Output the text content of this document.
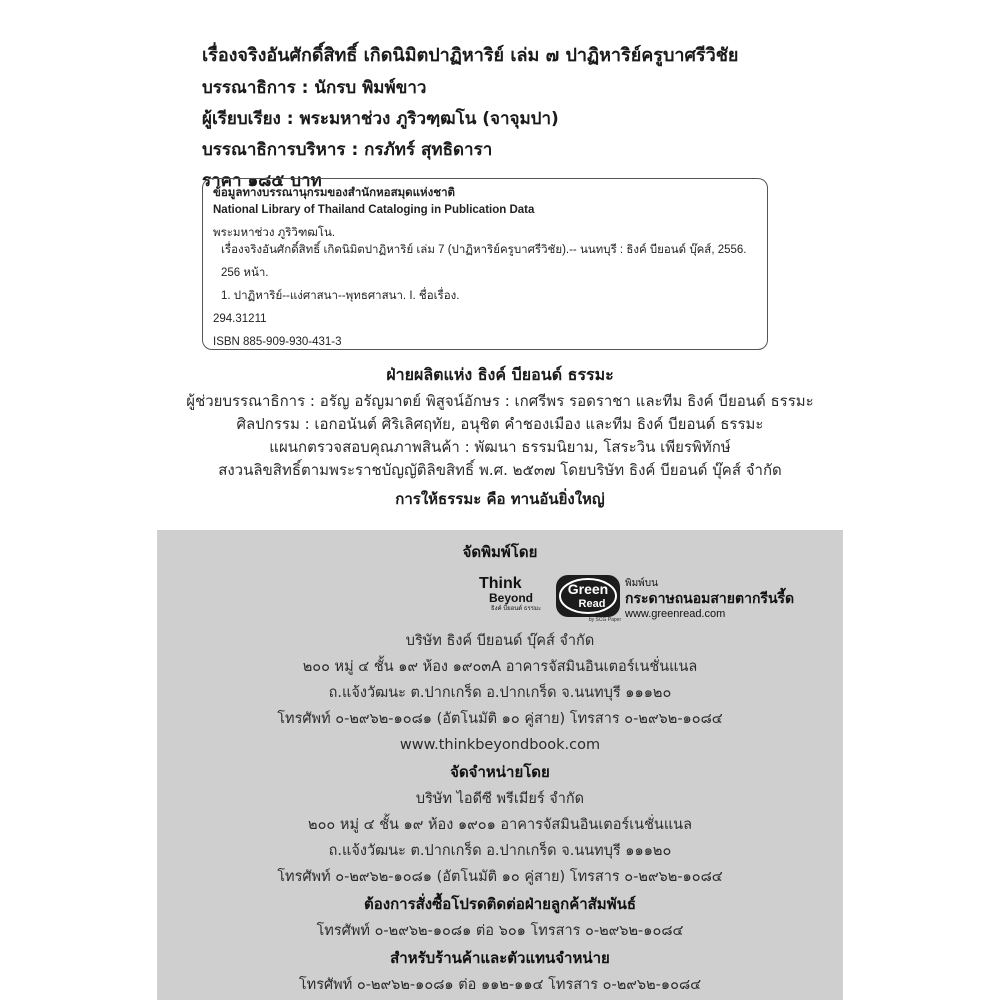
เรื่องจริงอันศักดิ์สิทธิ์ เกิดนิมิตปาฏิหาริย์ เล่ม ๗ ปาฏิหาริย์ครูบาศรีวิชัย
บรรณาธิการ : นักรบ พิมพ์ขาว
ผู้เรียบเรียง : พระมหาช่วง ภูริวฑฺฒโน (จาจุมปา)
บรรณาธิการบริหาร : กรภัทร์ สุทธิดารา
ราคา ๑๘๕ บาท
ข้อมูลทางบรรณานุกรมของสำนักหอสมุดแห่งชาติ
National Library of Thailand Cataloging in Publication Data
พระมหาช่วง ภูริวิฑฒโน.
เรื่องจริงอันศักดิ์สิทธิ์ เกิดนิมิตปาฏิหาริย์ เล่ม 7 (ปาฏิหาริย์ครูบาศรีวิชัย).-- นนทบุรี : ธิงค์ บียอนด์ บุ๊คส์, 2556.
256 หน้า.
1. ปาฏิหาริย์--แง่ศาสนา--พุทธศาสนา. I. ชื่อเรื่อง.
294.31211
ISBN 885-909-930-431-3
ฝ่ายผลิตแห่ง ธิงค์ บียอนด์ ธรรมะ
ผู้ช่วยบรรณาธิการ : อรัญ อรัญมาตย์ พิสูจน์อักษร : เกศรีพร รอดราชา และทีม ธิงค์ บียอนด์ ธรรมะ
ศิลปกรรม : เอกอนันต์ ศิริเลิศฤทัย, อนุชิต คำชองเมือง และทีม ธิงค์ บียอนด์ ธรรมะ
แผนกตรวจสอบคุณภาพสินค้า : พัฒนา ธรรมนิยาม, โสระวิน เพียรพิทักษ์
สงวนลิขสิทธิ์ตามพระราชบัญญัติลิขสิทธิ์ พ.ศ. ๒๕๓๗ โดยบริษัท ธิงค์ บียอนด์ บุ๊คส์ จำกัด
การให้ธรรมะ คือ ทานอันยิ่งใหญ่
จัดพิมพ์โดย
Think
Beyond
ธิงค์ บียอนด์ ธรรมะ
Green
Read
by SCG Paper
พิมพ์บน
กระดาษถนอมสายตากรีนรี้ด
www.greenread.com
บริษัท ธิงค์ บียอนด์ บุ๊คส์ จำกัด
๒๐๐ หมู่ ๔ ชั้น ๑๙ ห้อง ๑๙๐๓A อาคารจัสมินอินเตอร์เนชั่นแนล
ถ.แจ้งวัฒนะ ต.ปากเกร็ด อ.ปากเกร็ด จ.นนทบุรี ๑๑๑๒๐
โทรศัพท์ ๐-๒๙๖๒-๑๐๘๑ (อัตโนมัติ ๑๐ คู่สาย) โทรสาร ๐-๒๙๖๒-๑๐๘๔
www.thinkbeyondbook.com
จัดจำหน่ายโดย
บริษัท ไอดีซี พรีเมียร์ จำกัด
๒๐๐ หมู่ ๔ ชั้น ๑๙ ห้อง ๑๙๐๑ อาคารจัสมินอินเตอร์เนชั่นแนล
ถ.แจ้งวัฒนะ ต.ปากเกร็ด อ.ปากเกร็ด จ.นนทบุรี ๑๑๑๒๐
โทรศัพท์ ๐-๒๙๖๒-๑๐๘๑ (อัตโนมัติ ๑๐ คู่สาย) โทรสาร ๐-๒๙๖๒-๑๐๘๔
ต้องการสั่งซื้อโปรดติดต่อฝ่ายลูกค้าสัมพันธ์
โทรศัพท์ ๐-๒๙๖๒-๑๐๘๑ ต่อ ๖๐๑ โทรสาร ๐-๒๙๖๒-๑๐๘๔
สำหรับร้านค้าและตัวแทนจำหน่าย
โทรศัพท์ ๐-๒๙๖๒-๑๐๘๑ ต่อ ๑๑๒-๑๑๔ โทรสาร ๐-๒๙๖๒-๑๐๘๔
